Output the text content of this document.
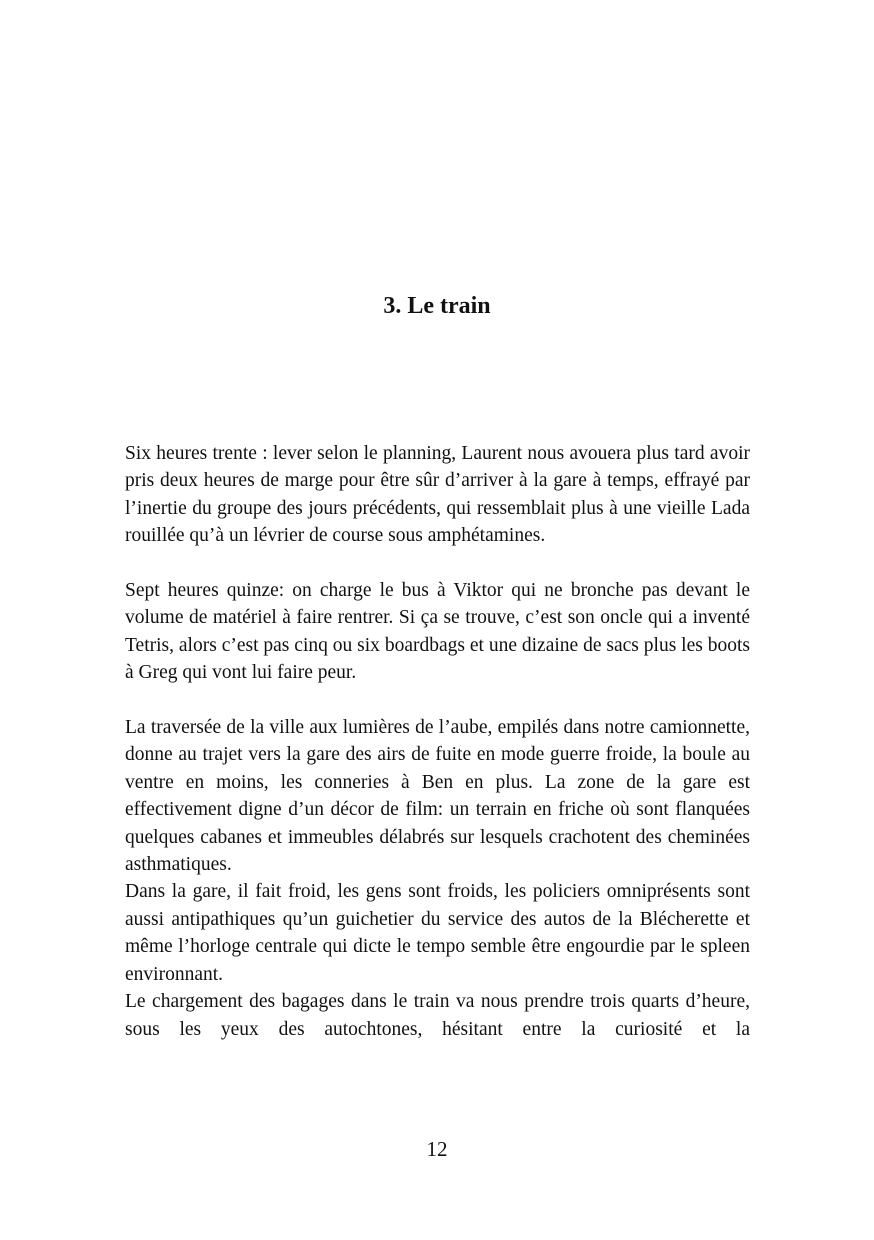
3. Le train

Six heures trente : lever selon le planning, Laurent nous avouera plus tard avoir pris deux heures de marge pour être sûr d’arriver à la gare à temps, effrayé par l’inertie du groupe des jours précédents, qui ressemblait plus à une vieille Lada rouillée qu’à un lévrier de course sous amphétamines.

Sept heures quinze: on charge le bus à Viktor qui ne bronche pas devant le volume de matériel à faire rentrer. Si ça se trouve, c’est son oncle qui a inventé Tetris, alors c’est pas cinq ou six boardbags et une dizaine de sacs plus les boots à Greg qui vont lui faire peur.

La traversée de la ville aux lumières de l’aube, empilés dans notre camionnette, donne au trajet vers la gare des airs de fuite en mode guerre froide, la boule au ventre en moins, les conneries à Ben en plus. La zone de la gare est effectivement digne d’un décor de film: un terrain en friche où sont flanquées quelques cabanes et immeubles délabrés sur lesquels crachotent des cheminées asthmatiques.

Dans la gare, il fait froid, les gens sont froids, les policiers omniprésents sont aussi antipathiques qu’un guichetier du service des autos de la Blécherette et même l’horloge centrale qui dicte le tempo semble être engourdie par le spleen environnant.

Le chargement des bagages dans le train va nous prendre trois quarts d’heure, sous les yeux des autochtones, hésitant entre la curiosité et la

12
